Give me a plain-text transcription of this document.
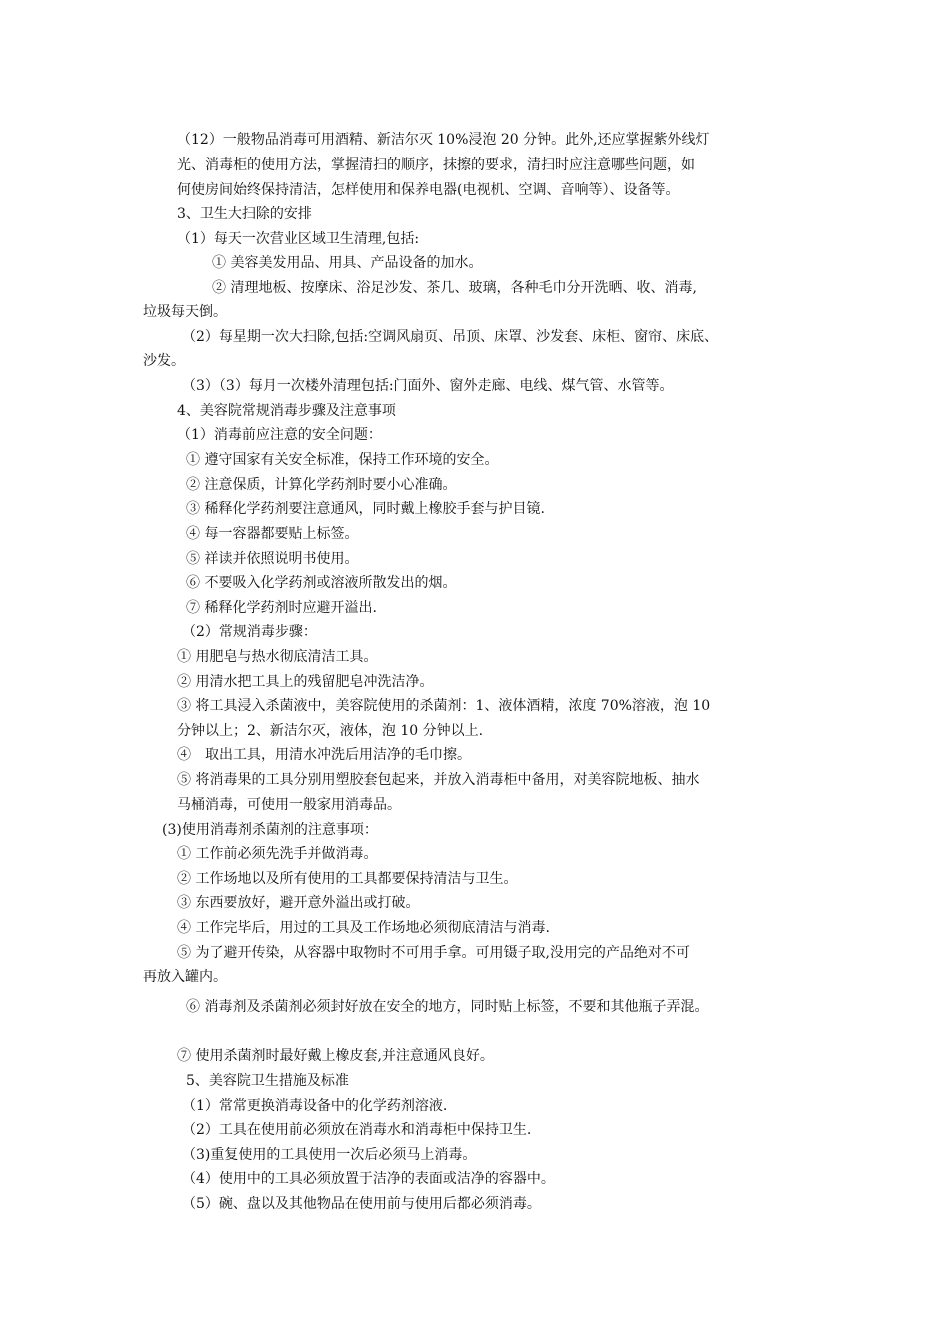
（12）一般物品消毒可用酒精、新洁尔灭 10%浸泡 20 分钟。此外,还应掌握紫外线灯
光、消毒柜的使用方法，掌握清扫的顺序，抹擦的要求，清扫时应注意哪些问题，如
何使房间始终保持清洁，怎样使用和保养电器(电视机、空调、音响等）、设备等。
3、卫生大扫除的安排
（1）每天一次营业区域卫生清理,包括:
① 美容美发用品、用具、产品设备的加水。
② 清理地板、按摩床、浴足沙发、茶几、玻璃，各种毛巾分开洗晒、收、消毒,
垃圾每天倒。
（2）每星期一次大扫除,包括:空调风扇页、吊顶、床罩、沙发套、床柜、窗帘、床底、
沙发。
（3）（3）每月一次楼外清理包括:门面外、窗外走廊、电线、煤气管、水管等。
4、美容院常规消毒步骤及注意事项
（1）消毒前应注意的安全问题：
① 遵守国家有关安全标准，保持工作环境的安全。
② 注意保质，计算化学药剂时要小心准确。
③ 稀释化学药剂要注意通风，同时戴上橡胶手套与护目镜.
④ 每一容器都要贴上标签。
⑤ 祥读并依照说明书使用。
⑥ 不要吸入化学药剂或溶液所散发出的烟。
⑦ 稀释化学药剂时应避开溢出.
（2）常规消毒步骤：
① 用肥皂与热水彻底清洁工具。
② 用清水把工具上的残留肥皂冲洗洁净。
③ 将工具浸入杀菌液中，美容院使用的杀菌剂：1、液体酒精，浓度 70%溶液，泡 10
分钟以上；2、新洁尔灭，液体，泡 10 分钟以上.
④　取出工具，用清水冲洗后用洁净的毛巾擦。
⑤ 将消毒果的工具分别用塑胶套包起来，并放入消毒柜中备用，对美容院地板、抽水
马桶消毒，可使用一般家用消毒品。
(3)使用消毒剂杀菌剂的注意事项：
① 工作前必须先洗手并做消毒。
② 工作场地以及所有使用的工具都要保持清洁与卫生。
③ 东西要放好，避开意外溢出或打破。
④ 工作完毕后，用过的工具及工作场地必须彻底清洁与消毒.
⑤ 为了避开传染，从容器中取物时不可用手拿。可用镊子取,没用完的产品绝对不可
再放入罐内。
⑥ 消毒剂及杀菌剂必须封好放在安全的地方，同时贴上标签，不要和其他瓶子弄混。
⑦ 使用杀菌剂时最好戴上橡皮套,并注意通风良好。
5、美容院卫生措施及标准
（1）常常更换消毒设备中的化学药剂溶液.
（2）工具在使用前必须放在消毒水和消毒柜中保持卫生.
（3)重复使用的工具使用一次后必须马上消毒。
（4）使用中的工具必须放置于洁净的表面或洁净的容器中。
（5）碗、盘以及其他物品在使用前与使用后都必须消毒。
